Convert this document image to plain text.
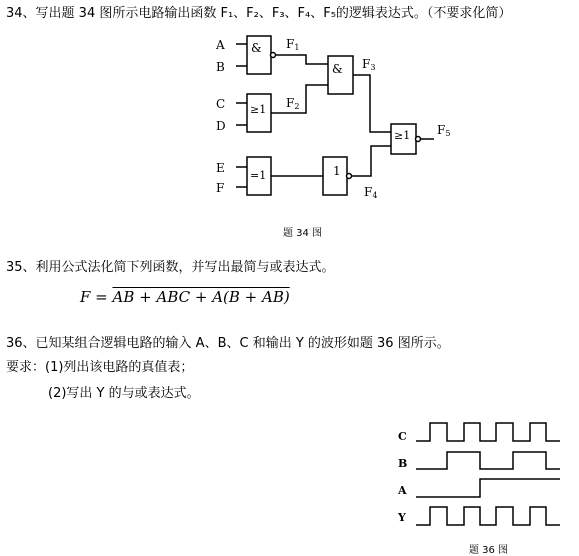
34、写出题 34 图所示电路输出函数 F₁、F₂、F₃、F₄、F₅的逻辑表达式。（不要求化简）
A
B
C
D
E
F
&
≥1
&
=1	1
≥1
F1
F2
F3
F4
F5
C
B
A
Y
题 34 图
35、利用公式法化简下列函数，并写出最简与或表达式。
F = AB + ABC + A(B + AB)
36、已知某组合逻辑电路的输入 A、B、C 和输出 Y 的波形如题 36 图所示。
要求：(1)列出该电路的真值表；
(2)写出 Y 的与或表达式。
题 36 图
